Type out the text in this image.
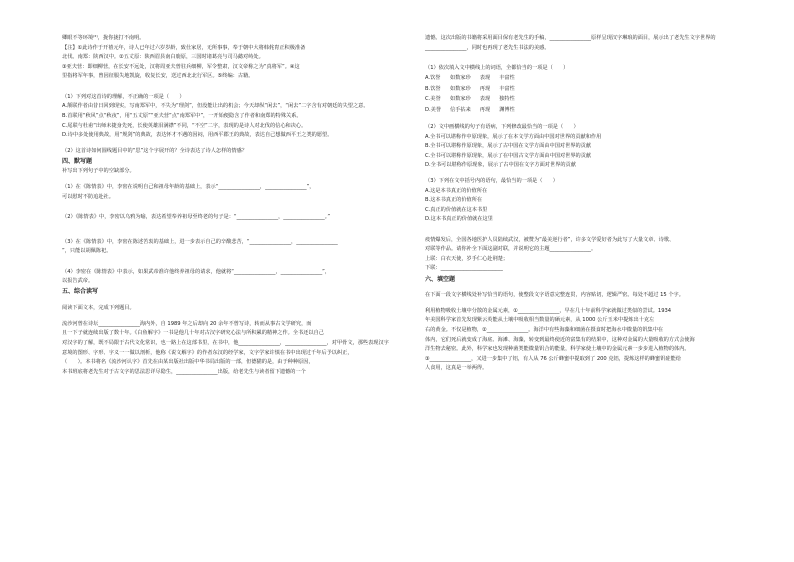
卿眼不等环境⁽²⁾，拢你拢打不南明。

【注】①此诗作于开禧元年，诗人已年过六岁岁龄，致仕家居，无所事事，奉于朝中大将韩侂胄正积极准备

北伐。南郑：陕西汉中。②五丈原：陕西眉县南白鹿原，三国时诸葛亮与司马懿对峙处。

③亚夫营：即细柳营，在长安不远处，汉将周亚夫曾驻兵细柳，军令整肃，汉文帝称之为“真将军”。④这

里指将军年事，曾因征服失地凯旋，收复长安，送过西北北行军区。⑤终编：古籍。

（1）下列对这首诗的理解，不正确的一项是（　　）

A.颔联作者由昔日回到现实，写南郑军中，不失为“理剑”，但没能让出的机会；今天却纵“闲去”，“闲去”二字含有对朝廷的失望之意。

B.首联用“秋风”点“秋夜”，用“五丈原”“亚夫营”点“南郑军中”，一开始便隐含了作者和南郑的特殊关系。

C.尾联与杜甫“出师未捷身先死，长使英雄泪满襟”不同，“不空”二字，表现的是诗人对北伐的信心和决心。

D.诗中多处使用典故，用“规剑”的典故，表达怀才不遇的因闷，用西平郡王的典故，表达自己想做西平王之类的愿望。

（2）这首诗如何圆线题目中的“思”这个字展开的？全诗表达了诗人怎样的情感？

四、默写题

补写出下列句子中的空缺部分。

（1）在《陈情表》中，李密在说明自己和祖母年龄的基础上，表示“________________，________________”，

可以慰时不防追赴社。

（2）《陈情表》中，李密以乌鸦为喻，表达希望奉养祖母至终老的句子是：“________________，________________。”

（3）在《陈情表》中，李密在陈述苦衷的基础上，进一步表示自己的辛酸悲苦，“________________，________________

”，只能以胡佩陈祀。

（4）李密在《陈情表》中表示，如果武帝准许他终养祖母的请求，他就将“________________，________________”，

以报告武帝。

五、综合读写

阅读下面文本，完成下列题目。

流沙河曾在诗坛________________海内外，自 1989 年之后却向 20 余年不曾写诗，转而从事古文学研究，而

且一下子就连续出版了数十年。《白鱼解字》一书是他几十年对古汉字研究心法与所积累的精神之作。全书还以自己

对汉字的了解，既不局限于古代文化常识，也一路上在这部书里，在书中，他________________，________________，对甲骨文，那些表现汉字

意境的图形、字形、字义一一做以剖析，他称《说文解字》的作者东汉的经学家，文字学家许慎在书中出现过千年后予以纠正，

（　　）。本书将名《流沙河认字》首先在由某出版社出版中华书局出版的一部，但德猫的是，由于种种原因，

本书班底将老先生对于古文字的思法思详尽隐生，________________出版，给老先生与读者留下遗憾的一个

遗憾。这次出版的书籍将采用面目保有老先生的手稿，________________原样呈现汉字琳琅的面目，展示出了老先生文字世界的

________________，同时也再现了老先生书法的美感。

（1）依次填入文中横线上的词语，全都恰当的一项是（　　）

A.饮誉	如数家珍	表现	丰富性
B.饮誉	如数家珍	再现	丰富性
C.美誉	如数家珍	表现	独特性
D.美誉	信手拈来	再现	渊博性

（2）文中画横线的句子有语病，下列修改最恰当的一项是（　　）

A.全书可以堪称作中原现象，展示了在本文学方面由中国对世界的贡献和作用

B.全书可以堪称作原现象，展示了古中国在文学方面由中国对世界的贡献

C.全书可以堪称作原现象，展示了在中国古文学方面由中国对世界的贡献

D.全书可以堪称作原现象，展示了古中国在文字方面对世界的贡献

（3）下列在文中括号内的语句，最恰当的一项是（　　）

A.这是本书真正的价值所在

B.这本书真正的价值所在

C.真正的价值就在这本书里

D.这本书真正的价值就在这里

疫情爆发后，全国各地医护人员陆续武汉，被赞为“最美逆行者”，许多文学爱好者为此写了大量文章、诗歌、

对联等作品。请你补全下面这副对联，并说明它的主题________________。

上联：白衣天使，岁手仁心赴荆楚；

下联：________________________

六、填空题

在下面一段文字横线处补写恰当的语句，使整段文字语意完整连贯，内容贴切，逻辑严密。每处不超过 15 个字。

利用植物吸收土壤中分散的金属元素，①________________，早在几十年前科学家就做过类似的尝试。1934

年美国科学家首先发现紫云英能从土壤中吸收相当数量的硒元素，从 1000 公斤玉米中提炼出十克左

右的黄金。不仅是植物，②________________。海洋中有些海藻和细菌在摄食时把海水中微量的钒集中在

体内，它们死后就变成了海底、海滩、海藻，转变到最终使近的富集有的结果中，这种对金属的大量吸收的方式会使海

洋生物去秘密。此外，科学家也发现种菌类能微量钒合的能量，科学家使土壤中的金属元素一步步进入植物的体内。

③________________，又进一步集中了铝，有人从 76 公斤蜂蜜中提取到了 200 克铝，提炼这样的蜂蜜钒硅能给

人食用，这真是一举两得。
